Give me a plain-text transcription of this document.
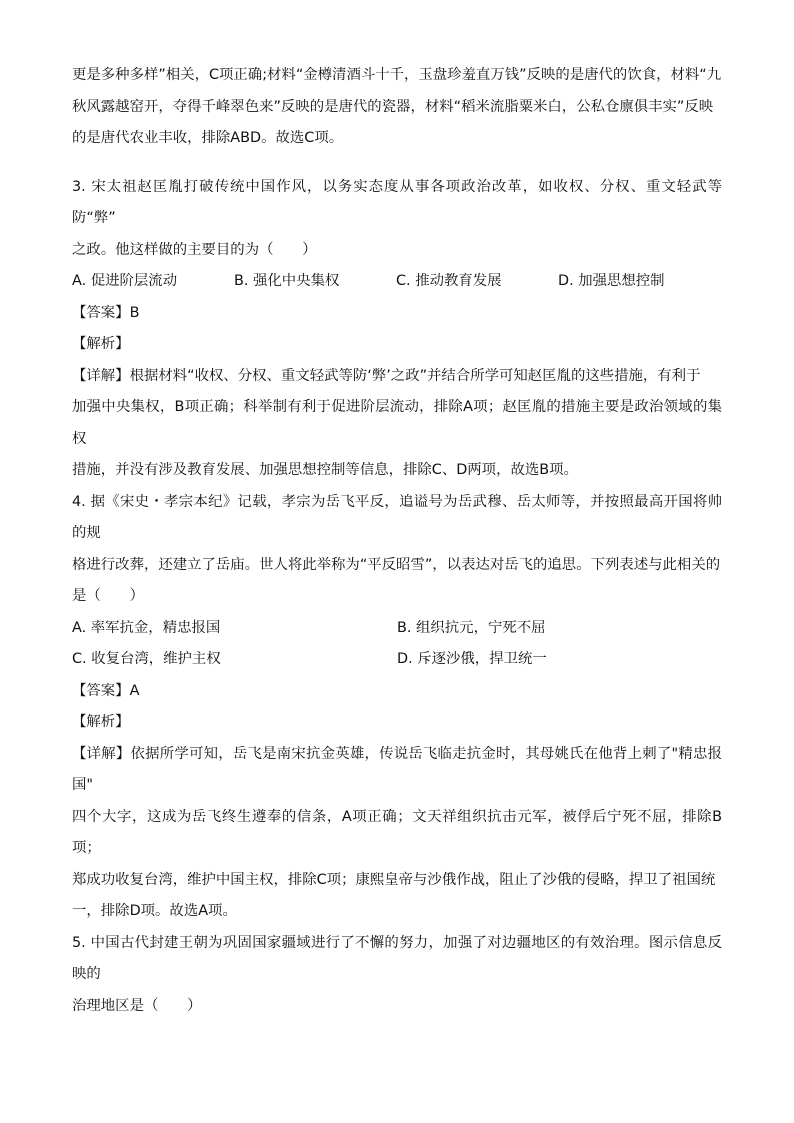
更是多种多样”相关，C项正确;材料“金樽清酒斗十千，玉盘珍羞直万钱”反映的是唐代的饮食，材料“九

秋风露越窑开，夺得千峰翠色来”反映的是唐代的瓷器，材料“稻米流脂粟米白，公私仓廪俱丰实”反映

的是唐代农业丰收，排除ABD。故选C项。

3. 宋太祖赵匡胤打破传统中国作风，以务实态度从事各项政治改革，如收权、分权、重文轻武等防“弊”

之政。他这样做的主要目的为（　　）

A. 促进阶层流动	B. 强化中央集权	C. 推动教育发展	D. 加强思想控制

【答案】B

【解析】

【详解】根据材料“收权、分权、重文轻武等防‘弊’之政”并结合所学可知赵匡胤的这些措施，有利于

加强中央集权，B项正确；科举制有利于促进阶层流动，排除A项；赵匡胤的措施主要是政治领域的集权

措施，并没有涉及教育发展、加强思想控制等信息，排除C、D两项，故选B项。

4. 据《宋史・孝宗本纪》记载，孝宗为岳飞平反，追谥号为岳武穆、岳太师等，并按照最高开国将帅的规

格进行改葬，还建立了岳庙。世人将此举称为“平反昭雪”，以表达对岳飞的追思。下列表述与此相关的

是（　　）

A. 率军抗金，精忠报国	B. 组织抗元，宁死不屈
C. 收复台湾，维护主权	D. 斥逐沙俄，捍卫统一

【答案】A

【解析】

【详解】依据所学可知，岳飞是南宋抗金英雄，传说岳飞临走抗金时，其母姚氏在他背上刺了"精忠报国"

四个大字，这成为岳飞终生遵奉的信条，A项正确；文天祥组织抗击元军，被俘后宁死不屈，排除B项；

郑成功收复台湾，维护中国主权，排除C项；康熙皇帝与沙俄作战，阻止了沙俄的侵略，捍卫了祖国统

一，排除D项。故选A项。

5. 中国古代封建王朝为巩固国家疆域进行了不懈的努力，加强了对边疆地区的有效治理。图示信息反映的

治理地区是（　　）
